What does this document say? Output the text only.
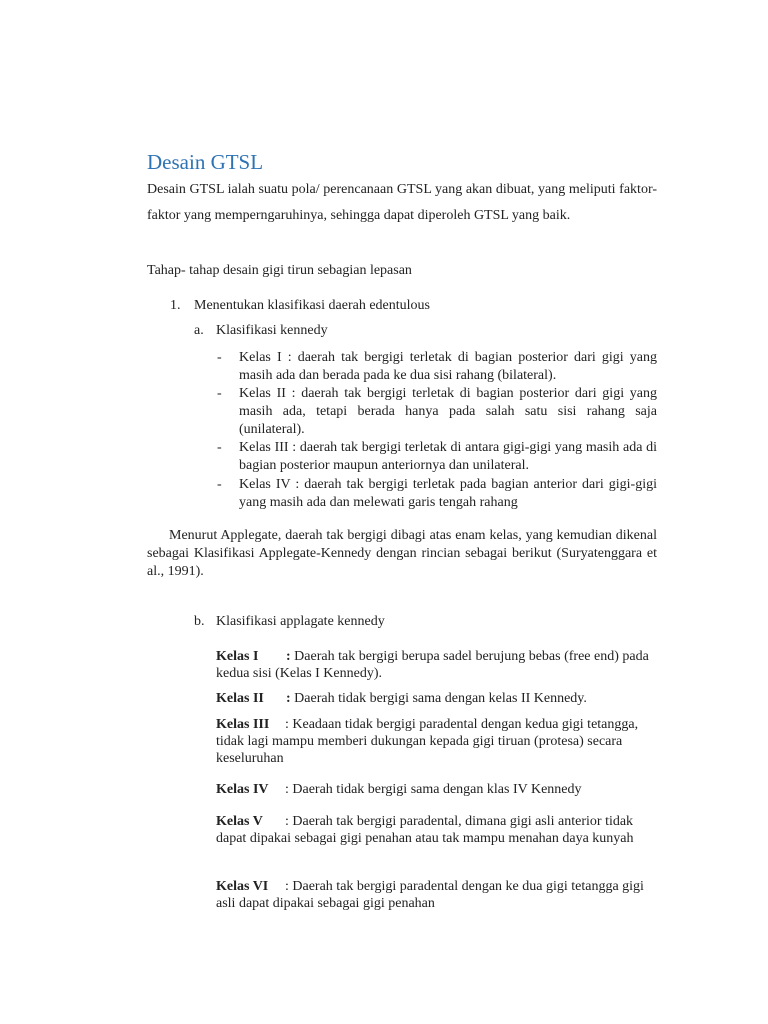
Desain GTSL

Desain GTSL ialah suatu pola/ perencanaan GTSL yang akan dibuat, yang meliputi faktor-faktor yang memperngaruhinya, sehingga dapat diperoleh GTSL yang baik.

Tahap- tahap desain gigi tirun sebagian lepasan

1. Menentukan klasifikasi daerah edentulous
a. Klasifikasi kennedy
- Kelas I : daerah tak bergigi terletak di bagian posterior dari gigi yang masih ada dan berada pada ke dua sisi rahang (bilateral).

- Kelas II : daerah tak bergigi terletak di bagian posterior dari gigi yang masih ada, tetapi berada hanya pada salah satu sisi rahang saja (unilateral).

- Kelas III : daerah tak bergigi terletak di antara gigi-gigi yang masih ada di bagian posterior maupun anteriornya dan unilateral.

- Kelas IV : daerah tak bergigi terletak pada bagian anterior dari gigi-gigi yang masih ada dan melewati garis tengah rahang

Menurut Applegate, daerah tak bergigi dibagi atas enam kelas, yang kemudian dikenal sebagai Klasifikasi Applegate-Kennedy dengan rincian sebagai berikut (Suryatenggara et al., 1991).

b. Klasifikasi applagate kennedy

Kelas I : Daerah tak bergigi berupa sadel berujung bebas (free end) pada kedua sisi (Kelas I Kennedy).

Kelas II : Daerah tidak bergigi sama dengan kelas II Kennedy.

Kelas III : Keadaan tidak bergigi paradental dengan kedua gigi tetangga, tidak lagi mampu memberi dukungan kepada gigi tiruan (protesa) secara keseluruhan

Kelas IV : Daerah tidak bergigi sama dengan klas IV Kennedy

Kelas V : Daerah tak bergigi paradental, dimana gigi asli anterior tidak dapat dipakai sebagai gigi penahan atau tak mampu menahan daya kunyah

Kelas VI : Daerah tak bergigi paradental dengan ke dua gigi tetangga gigi asli dapat dipakai sebagai gigi penahan
